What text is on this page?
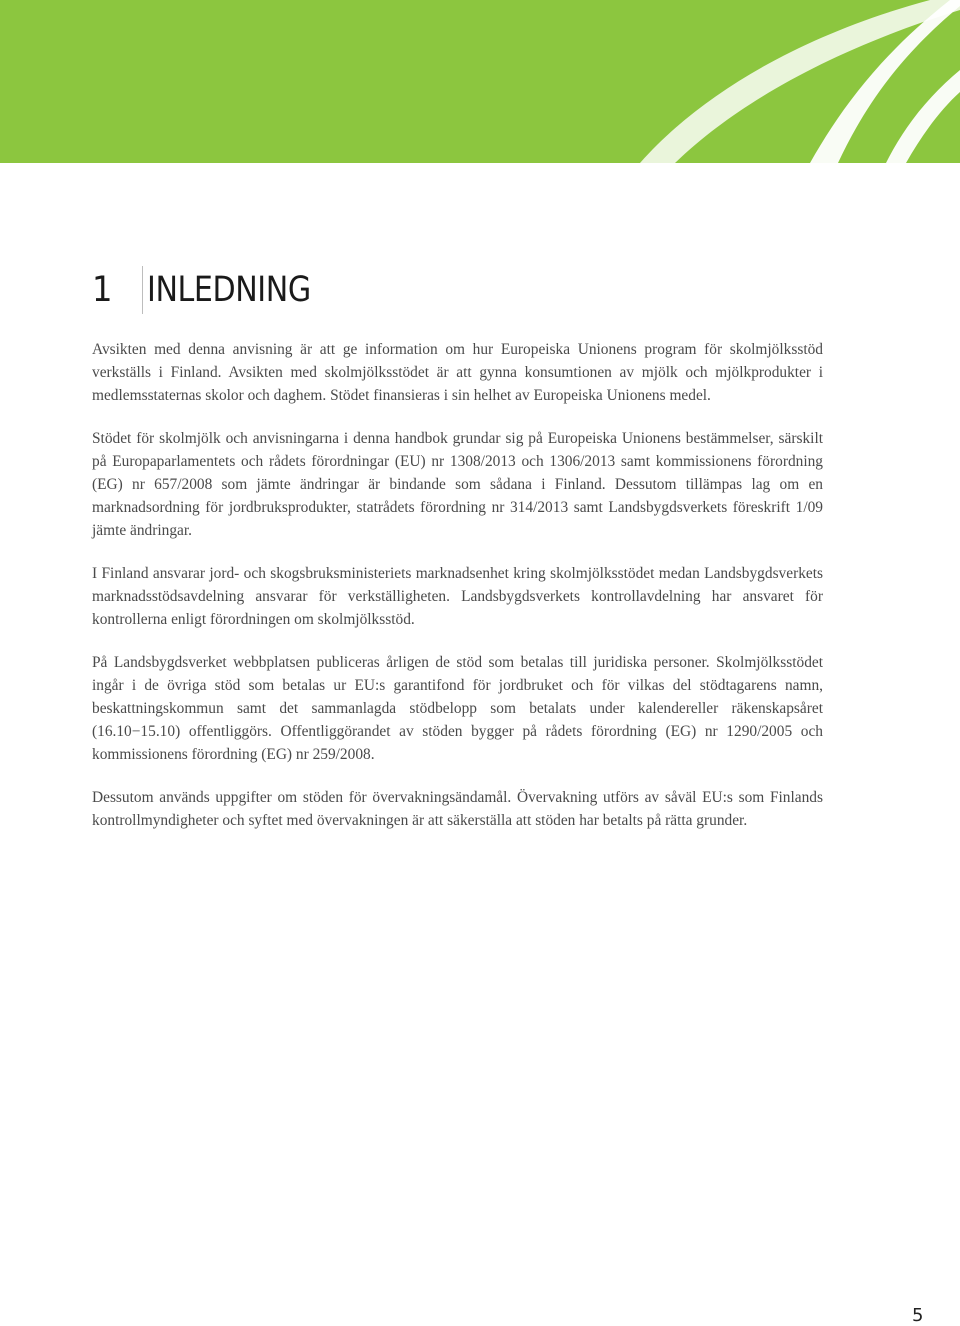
1 INLEDNING

Avsikten med denna anvisning är att ge information om hur Europeiska Unionens program för skolmjölksstöd verkställs i Finland. Avsikten med skolmjölksstödet är att gynna konsumtionen av mjölk och mjölkprodukter i medlemsstaternas skolor och daghem. Stödet finansieras i sin helhet av Europeiska Unionens medel.

Stödet för skolmjölk och anvisningarna i denna handbok grundar sig på Europeiska Unionens bestämmelser, särskilt på Europaparlamentets och rådets förordningar (EU) nr 1308/2013 och 1306/2013 samt kommissionens förordning (EG) nr 657/2008 som jämte ändringar är bindande som sådana i Finland. Dessutom tillämpas lag om en marknadsordning för jordbruksprodukter, statrådets förordning nr 314/2013 samt Landsbygdsverkets föreskrift 1/09 jämte ändringar.

I Finland ansvarar jord- och skogsbruksministeriets marknadsenhet kring skolmjölksstödet medan Landsbygdsverkets marknadsstödsavdelning ansvarar för verkställigheten. Landsbygdsverkets kontrollavdelning har ansvaret för kontrollerna enligt förordningen om skolmjölksstöd.

På Landsbygdsverket webbplatsen publiceras årligen de stöd som betalas till juridiska personer. Skolmjölksstödet ingår i de övriga stöd som betalas ur EU:s garantifond för jordbruket och för vilkas del stödtagarens namn, beskattningskommun samt det sammanlagda stödbelopp som betalats under kalendereller räkenskapsåret (16.10−15.10) offentliggörs. Offentliggörandet av stöden bygger på rådets förordning (EG) nr 1290/2005 och kommissionens förordning (EG) nr 259/2008.

Dessutom används uppgifter om stöden för övervakningsändamål. Övervakning utförs av såväl EU:s som Finlands kontrollmyndigheter och syftet med övervakningen är att säkerställa att stöden har betalts på rätta grunder.

5
